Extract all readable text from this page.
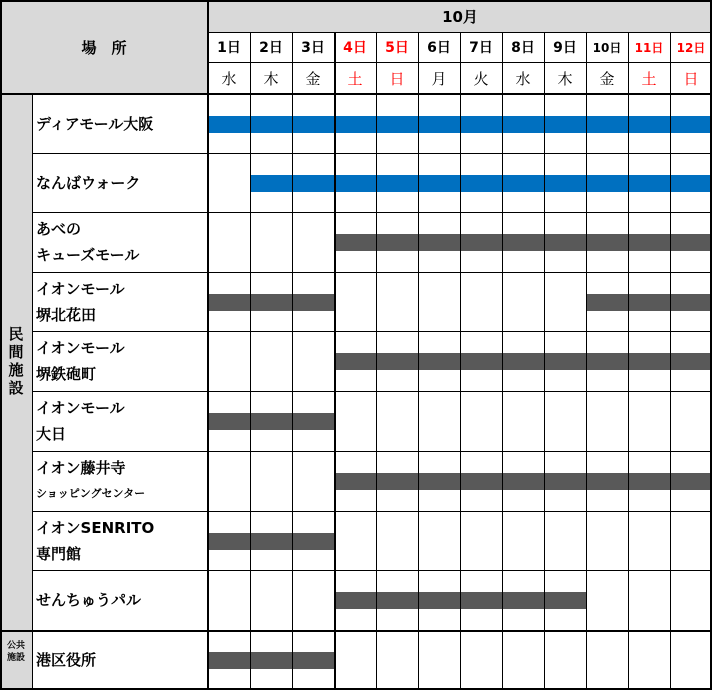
場　所
10月
民間施設
公共
施設
1日
水
2日
木
3日
金
4日
土
5日
日
6日
月
7日
火
8日
水
9日
木
10日
金
11日
土
12日
日
ディアモール大阪
なんばウォーク
あべの
キューズモール
イオンモール
堺北花田
イオンモール
堺鉄砲町
イオンモール
大日
イオン藤井寺
ショッピングセンター
イオンSENRITO
専門館
せんちゅうパル
港区役所
